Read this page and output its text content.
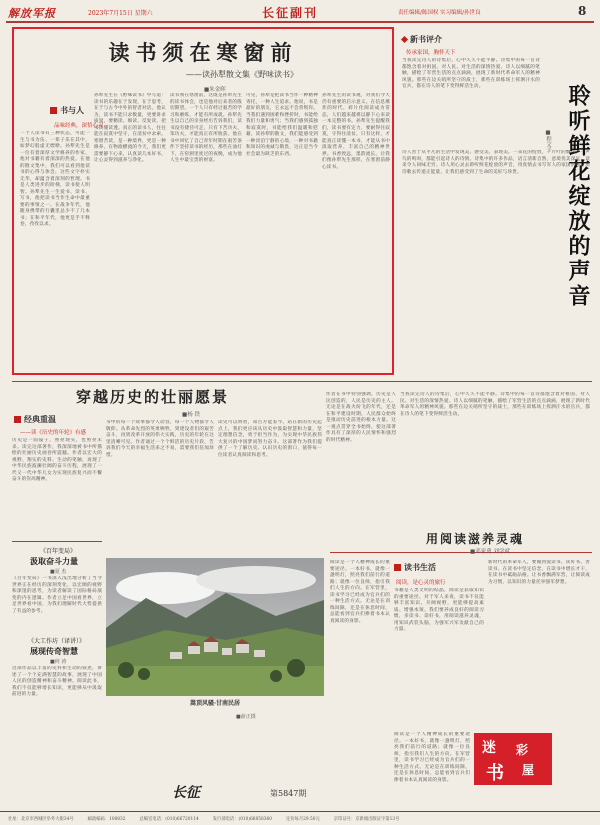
解放军报	2023年7月15日 星期六	长征副刊	责任编辑/陈国权 实习编辑/孙世良	8
读书须在寒窗前
——读孙犁散文集《野味读书》
■朱金晖
书与人
品味经典，深悟心灵
一个人读书有三种状态，可能一生与书为伍、一辈子乐在其中，如梦幻般虚无缥缈。孙犁先生是一位有着深厚文学修养的作家，他对书籍有着深深的热爱。在他的散文集中，我们可以看到他读书的心得与体会，这些文字朴实无华，却蕴含着深刻的哲理。书是人类进步的阶梯，读书使人明智。孙犁先生一生爱书、读书、写书，他把读书当作生命中最重要的事情之一。在战争年代，他随身携带的行囊里总少不了几本书；在和平年代，他更是手不释卷，孜孜以求。
孙犁先生在《野味读书》中写道：读书的乐趣在于发现，在于思考，在于与古今中外的智者对话。他认为，读书不能只求数量，更要讲求质量，要精读、细读、反复读，把书读懂读透。真正的读书人，往往能在寂寞中坚守，在清贫中求索。寒窗苦读，是一种境界，更是一种修养。在物欲横流的今天，我们更需要静下心来，认真读几本好书，让心灵得到滋养与净化。
读书须在寒窗前，这既是孙犁先生的读书体会，也是他对后来者的殷切期望。一个人只有经过艰苦的学习和磨炼，才能有所成就。孙犁先生以自己的亲身经历告诉我们，读书没有捷径可走，只有下苦功夫、笨功夫，才能真正有所收获。他在书中回忆了自己青年时期在艰苦条件下坚持读书的经历，那些在油灯下、在窑洞里度过的夜晚，成为他人生中最宝贵的财富。
可见，孙犁是把读书当作一种精神寄托，一种人生追求。他说，书是最好的朋友，它永远不会背叛你。当我们遇到困难和挫折时，书能给我们力量和勇气；当我们感到孤独和寂寞时，书能给我们温暖和慰藉。读孙犁的散文，我们能感受到一种淡泊宁静的心境，一种对书籍和知识的虔诚与敬畏，这正是当今社会最为缺乏的东西。
孙犁先生的读书观，对我们今天仍有重要的启示意义。在信息爆炸的时代，碎片化阅读成为常态，人们越来越难以静下心来读一本完整的书。孙犁先生提醒我们，读书要有定力，要耐得住寂寞，守得住清贫。只有这样，才能真正读懂一本书，才能从书中汲取营养，丰富自己的精神世界。书香致远，墨韵流长。让我们像孙犁先生那样，在寒窗前静心读书。
新书评介
传承家国，胸怀天下
当我读完诗人的诗集后，心中久久不能平静。诗集中的每一首诗都饱含着对祖国、对人民、对生活的深情热爱。诗人以细腻的笔触，描绘了军营生活的点点滴滴，展现了新时代革命军人的精神风貌。那些在边关哨所坚守的战士，那些在训练场上挥洒汗水的官兵，都在诗人的笔下变得鲜活生动。	聆听鲜花绽放的声音
■程文子
诗人善于从平凡的生活中发现美、感受美、表现美。一朵花的绽放，一片叶的飘落，一声鸟的鸣叫，都能引起诗人的诗情。诗集中的许多作品，语言清新自然，意境优美深远，读来令人回味无穷。诗人用心灵去聆听鲜花绽放的声音，用真情去书写军人的家国情怀，用诗歌去传递正能量，让我们感受到了生命的美好与珍贵。
穿越历史的壮丽愿景
■杨 铁
经典重温
——读《历史的年轮》有感
历史是一面镜子，照亮现实，也照亮未来。读完这部著作，我深深地被书中所描绘的壮丽历史画卷所震撼。作者以宏大的视野、翔实的史料、生动的笔触，再现了中华民族波澜壮阔的奋斗历程，展现了一代又一代中华儿女为实现民族复兴而不懈奋斗的崇高精神。
书中的每一个故事都令人动容，每一个人物都令人敬仰。从革命先烈的英勇牺牲，到建设者们的艰苦奋斗，再到改革开放的伟大实践，历史的年轮在这里清晰可见。作者通过一个个鲜活的历史片段，告诉我们今天的幸福生活来之不易，需要我们倍加珍惜。
读史可以明智，知古方能鉴今。站在新的历史起点上，我们更应该从历史中汲取智慧和力量，坚定理想信念，勇于担当作为，为实现中华民族伟大复兴的中国梦而努力奋斗。这部著作为我们提供了一个了解历史、认识历史的窗口，值得每一位读者认真阅读和思考。
作者在书中特别强调，历史是人民创造的，人民是历史的主人。无论是在战火纷飞的年代，还是在和平建设时期，人民群众始终是推动历史前进的根本力量。这一观点贯穿全书始终，使这部著作具有了深厚的人民情怀和强烈的时代精神。
当我读完诗人的诗集后，心中久久不能平静。诗集中的每一首诗都饱含着对祖国、对人民、对生活的深情热爱。诗人以细腻的笔触，描绘了军营生活的点点滴滴，展现了新时代革命军人的精神风貌。那些在边关哨所坚守的战士，那些在训练场上挥洒汗水的官兵，都在诗人的笔下变得鲜活生动。
《百年变局》
汲取奋斗力量
■夏 杰
《百年变局》一书深入浅出地分析了当今世界正在经历的深刻变化，以宏阔的视野和深邃的思考，为读者解读了国际格局演变的内在逻辑。作者立足中国看世界，立足世界看中国，为我们理解时代大势提供了有益的参考。
《大工作坊（译讲）》
展现传奇智慧
■何 涛
这部作品以丰富的史料和生动的叙述，讲述了一个个充满智慧的故事，展现了中国人民的创造精神和奋斗精神。阅读此书，我们不仅能够增长知识，更能够从中汲取前进的力量。
嵩顶风骚·甘南民居
■俞正摄
用阅读滋养灵魂
■邓家勇 刘学斌
读书生活
阅读，是心灵的旅行
阅读是一个人精神成长的重要途径。一本好书，就像一盏明灯，照亮我们前行的道路；就像一位良师，指引我们人生的方向。在军营里，读书学习已经成为官兵们的一种生活方式。无论是在训练间隙，还是在休息时间，总能看到官兵们捧着书本认真阅读的身影。
书籍是人类文明的结晶，阅读是获取知识的重要途径。对于军人来说，读书不仅能够丰富知识、开阔视野，更能够提高素质、增强本领。我们要养成良好的阅读习惯，多读书、读好书，用阅读滋养灵魂，用知识武装头脑，为强军兴军贡献自己的力量。
新时代的革命军人，要做到爱读书、读好书、善读书。在读书中坚定信念，在读书中增长才干，在读书中砥砺品格。让书香飘满军营，让阅读成为习惯，以知识的力量托举强军梦想。
阅读是一个人精神成长的重要途径。一本好书，就像一盏明灯，照亮我们前行的道路；就像一位良师，指引我们人生的方向。在军营里，读书学习已经成为官兵们的一种生活方式。无论是在训练间隙，还是在休息时间，总能看到官兵们捧着书本认真阅读的身影。
迷 彩
书 屋
长征	第5847期
社址：北京市西城区阜外大街34号	邮政编码：100832	总编室电话：(010)66720114	发行部电话：(010)66858360	定价每月29.50元	京印证号：京新闻出版证字第13号
